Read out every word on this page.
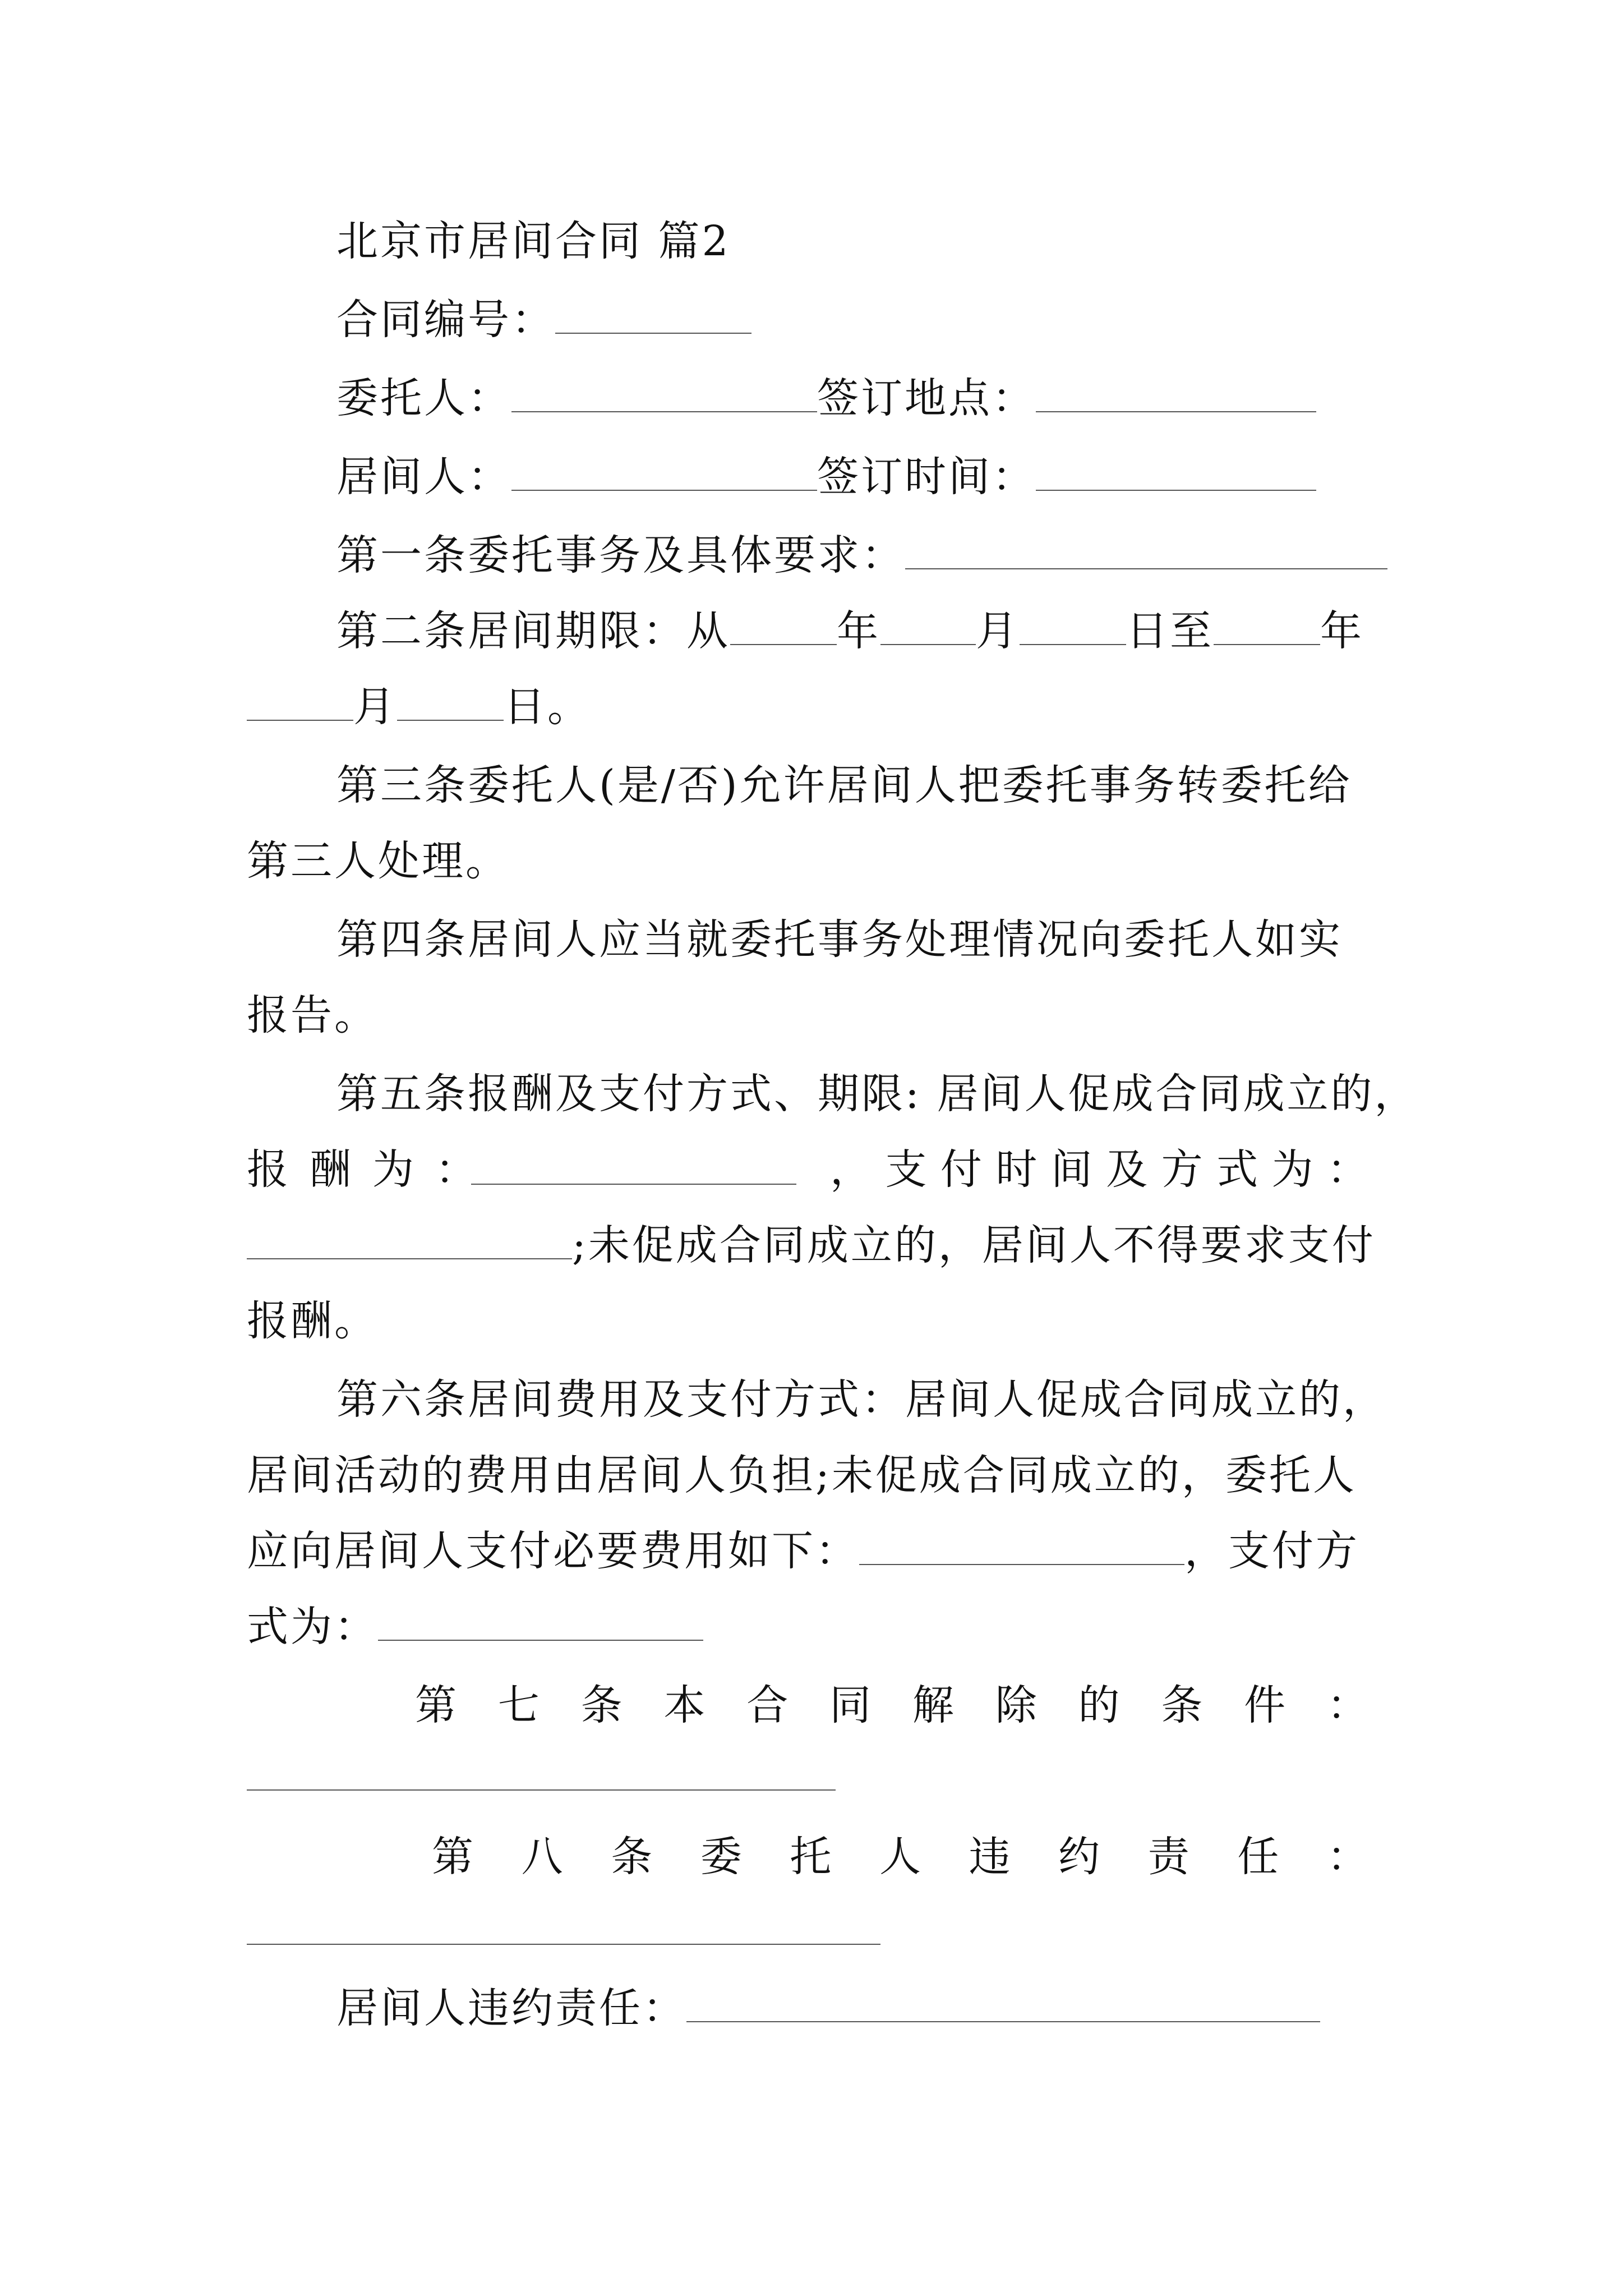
北京市居间合同 篇2
合同编号：
委托人：	签订地点：
居间人：	签订时间：
第一条委托事务及具体要求：
第二条居间期限：从	年 月	日至	年
月	日。
第三条委托人(是/否)允许居间人把委托事务转委托给
第三人处理。
第四条居间人应当就委托事务处理情况向委托人如实
报告。
第五条报酬及支付方式、期限: 居间人促成合同成立的，
报 酬 为 ：	， 支 付 时 间 及 方 式 为 ：
;未促成合同成立的，居间人不得要求支付
报酬。
第六条居间费用及支付方式：居间人促成合同成立的，
居间活动的费用由居间人负担;未促成合同成立的，委托人
应向居间人支付必要费用如下：	，支付方
式为：
第 七 条 本 合 同 解 除 的 条 件 ：
第 八 条 委 托 人 违 约 责 任 ：
居间人违约责任：
